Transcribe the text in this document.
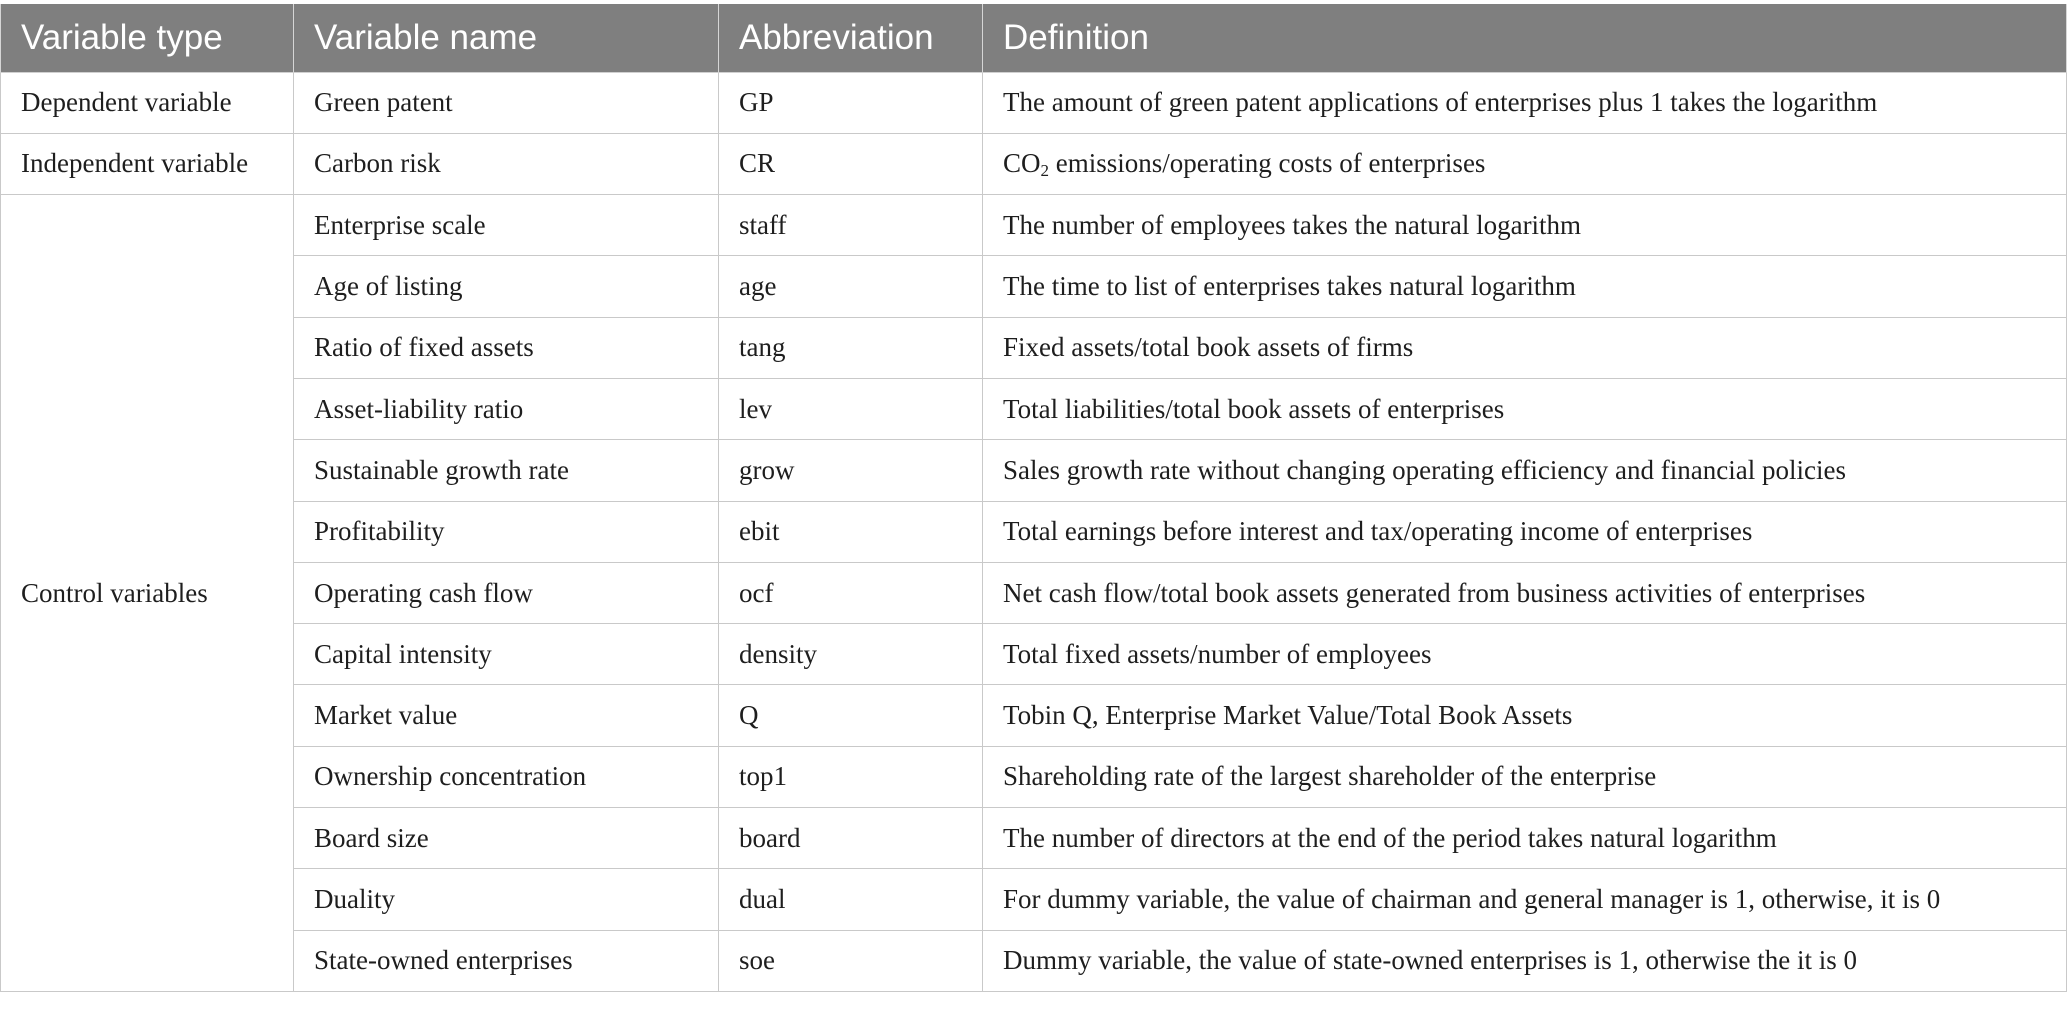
Variable type	Variable name	Abbreviation	Definition
Dependent variable	Green patent	GP	The amount of green patent applications of enterprises plus 1 takes the logarithm
Independent variable	Carbon risk	CR	$CO_2$ emissions/operating costs of enterprises
Control variables	Enterprise scale	staff	The number of employees takes the natural logarithm
	Age of listing	age	The time to list of enterprises takes natural logarithm
	Ratio of fixed assets	tang	Fixed assets/total book assets of firms
	Asset-liability ratio	lev	Total liabilities/total book assets of enterprises
	Sustainable growth rate	grow	Sales growth rate without changing operating efficiency and financial policies
	Profitability	ebit	Total earnings before interest and tax/operating income of enterprises
	Operating cash flow	ocf	Net cash flow/total book assets generated from business activities of enterprises
	Capital intensity	density	Total fixed assets/number of employees
	Market value	Q	Tobin Q, Enterprise Market Value/Total Book Assets
	Ownership concentration	top1	Shareholding rate of the largest shareholder of the enterprise
	Board size	board	The number of directors at the end of the period takes natural logarithm
	Duality	dual	For dummy variable, the value of chairman and general manager is 1, otherwise, it is 0
	State-owned enterprises	soe	Dummy variable, the value of state-owned enterprises is 1, otherwise the it is 0
